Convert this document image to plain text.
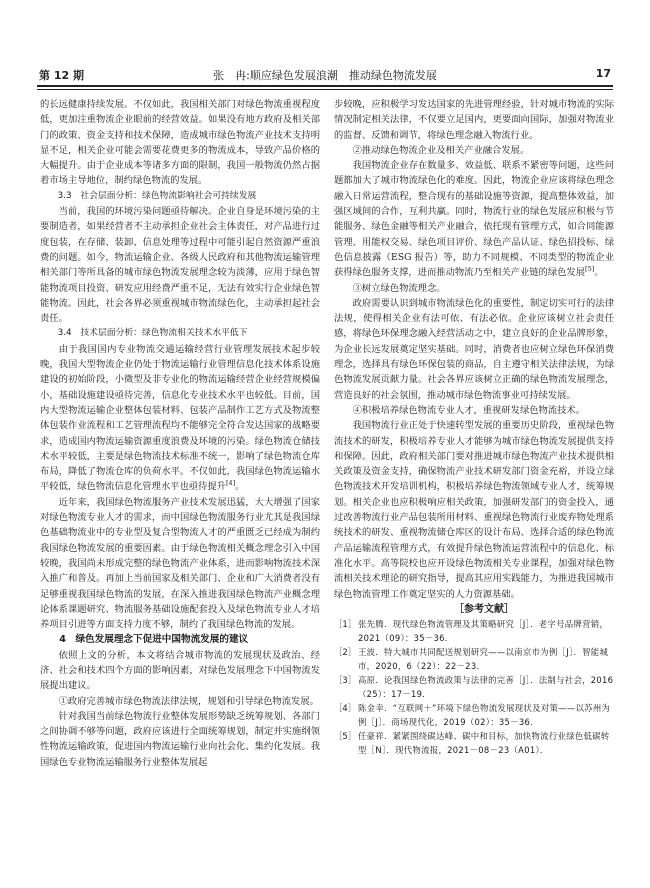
第 12 期	张　冉:顺应绿色发展浪潮　推动绿色物流发展	17

的长远健康持续发展。不仅如此，我国相关部门对绿色物流重视程度低，更加注重物流企业眼前的经营效益。如果没有地方政府及相关部门的政策、资金支持和技术保障，造成城市绿色物流产业技术支持明显不足，相关企业可能会需要花费更多的物流成本，导致产品价格的大幅提升。由于企业成本等诸多方面的限制，我国一般物流仍然占据着市场主导地位，制约绿色物流的发展。

3.3　社会层面分析：绿色物流影响社会可持续发展

当前，我国的环境污染问题亟待解决。企业自身是环境污染的主要制造者，如果经营者不主动承担企业社会主体责任，对产品进行过度包装，在存储、装卸、信息处理等过程中可能引起自然资源严重浪费的问题。如今，物流运输企业、各级人民政府和其他物流运输管理相关部门等所具备的城市绿色物流发展理念较为淡薄，应用于绿色智能物流项目投资、研发应用经费严重不足，无法有效实行企业绿色智能物流。因此，社会各界必须重视城市物流绿色化，主动承担起社会责任。

3.4　技术层面分析：绿色物流相关技术水平低下

由于我国国内专业物流交通运输经营行业管理发展技术起步较晚，我国大型物流企业仍处于物流运输行业管理信息化技术体系设施建设的初始阶段，小微型及非专业化的物流运输经营企业经营规模偏小，基础设施建设亟待完善，信息化专业技术水平也较低。目前，国内大型物流运输企业整体包装材料、包装产品制作工艺方式及物流整体包装作业流程和工艺管理流程均不能够完全符合发达国家的战略要求，造成国内物流运输资源重度浪费及环境的污染。绿色物流仓储技术水平较低，主要是绿色物流技术标准不统一，影响了绿色物流仓库布局，降低了物流仓库的负荷水平。不仅如此，我国绿色物流运输水平较低，绿色物流信息化管理水平也亟待提升[4]。

近年来，我国绿色物流服务产业技术发展迅猛，大大增强了国家对绿色物流专业人才的需求，而中国绿色物流服务行业尤其是我国绿色基础物流业中的专业型及复合型物流人才的严重匮乏已经成为制约我国绿色物流发展的重要因素。由于绿色物流相关概念理念引入中国较晚，我国尚未形成完整的绿色物流产业体系，进而影响物流技术深入推广和普及。再加上当前国家及相关部门、企业和广大消费者没有足够重视我国绿色物流的发展，在深入推进我国绿色物流产业概念理论体系课题研究、物流服务基础设施配套投入及绿色物流专业人才培养项目引进等方面支持力度不够，制约了我国绿色物流的发展。

4　绿色发展理念下促进中国物流发展的建议

依照上文的分析，本文将结合城市物流的发展现状及政治、经济、社会和技术四个方面的影响因素，对绿色发展理念下中国物流发展提出建议。

①政府完善城市绿色物流法律法规，规划和引导绿色物流发展。

针对我国当前绿色物流行业整体发展形势缺乏统筹规划、各部门之间协调不够等问题，政府应该进行全面统筹规划，制定并实施纲领性物流运输政策，促进国内物流运输行业向社会化、集约化发展。我国绿色专业物流运输服务行业整体发展起

步较晚，应积极学习发达国家的先进管理经验，针对城市物流的实际情况制定相关法律，不仅要立足国内，更要面向国际，加强对物流业的监督、反馈和调节，将绿色理念融入物流行业。

②推动绿色物流企业及相关产业融合发展。

我国物流企业存在数量多、效益低、联系不紧密等问题，这些问题都加大了城市物流绿色化的难度。因此，物流企业应该将绿色理念融入日常运营流程，整合现有的基础设施等资源，提高整体效益，加强区域间的合作，互利共赢。同时，物流行业的绿色发展应积极与节能服务、绿色金融等相关产业融合，依托现有管理方式，如合同能源管理、用能权交易、绿色项目评价、绿色产品认证、绿色招投标、绿色信息披露（ESG 报告）等，助力不同规模、不同类型的物流企业获得绿色服务支撑，进而推动物流乃至相关产业链的绿色发展[5]。

③树立绿色物流理念。

政府需要认识到城市物流绿色化的重要性，制定切实可行的法律法规，使得相关企业有法可依、有法必依。企业应该树立社会责任感，将绿色环保理念融入经营活动之中，建立良好的企业品牌形象，为企业长远发展奠定坚实基础。同时，消费者也应树立绿色环保消费理念，选择具有绿色环保包装的商品，自主遵守相关法律法规，为绿色物流发展贡献力量。社会各界应该树立正确的绿色物流发展理念，营造良好的社会氛围，推动城市绿色物流事业可持续发展。

④积极培养绿色物流专业人才，重视研发绿色物流技术。

我国物流行业正处于快速转型发展的重要历史阶段，重视绿色物流技术的研发，积极培养专业人才能够为城市绿色物流发展提供支持和保障。因此，政府相关部门要对推进城市绿色物流产业技术提供相关政策及资金支持，确保物流产业技术研发部门资金充裕，并设立绿色物流技术开发培训机构，积极培养绿色物流领域专业人才，统筹规划。相关企业也应积极响应相关政策，加强研发部门的资金投入，通过改善物流行业产品包装所用材料、重视绿色物流行业废弃物处理系统技术的研发、重视物流储仓库区的设计布局、选择合适的绿色物流产品运输流程管理方式，有效提升绿色物流运营流程中的信息化、标准化水平。高等院校也应开设绿色物流相关专业课程，加强对绿色物流相关技术理论的研究指导，提高其应用实践能力，为推进我国城市绿色物流管理工作奠定坚实的人力资源基础。

［参考文献］

［1］ 张先腾．现代绿色物流管理及其策略研究［J］．老字号品牌营销，2021（09）：35－36．
［2］ 王波．特大城市共同配送规划研究——以南京市为例［J］．智能城市，2020，6（22）：22－23．
［3］ 高原．论我国绿色物流政策与法律的完善［J］．法制与社会，2016（25）：17－19．
［4］ 陈金幸．“互联网＋”环境下绿色物流发展现状及对策——以苏州为例［J］．商场现代化，2019（02）：35－36．
［5］ 任豪祥．紧紧围绕碳达峰、碳中和目标，加快物流行业绿色低碳转型［N］．现代物流报，2021－08－23（A01）．
